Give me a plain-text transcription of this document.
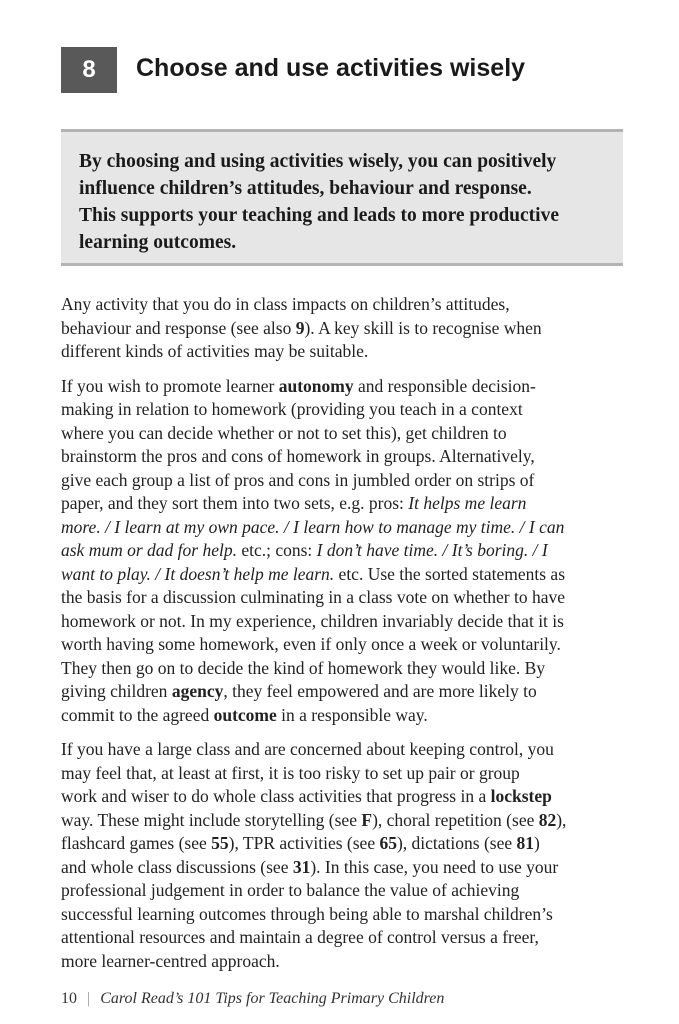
8	Choose and use activities wisely
By choosing and using activities wisely, you can positively
influence children’s attitudes, behaviour and response.
This supports your teaching and leads to more productive
learning outcomes.

Any activity that you do in class impacts on children’s attitudes,
behaviour and response (see also 9). A key skill is to recognise when
different kinds of activities may be suitable.

If you wish to promote learner autonomy and responsible decision-
making in relation to homework (providing you teach in a context
where you can decide whether or not to set this), get children to
brainstorm the pros and cons of homework in groups. Alternatively,
give each group a list of pros and cons in jumbled order on strips of
paper, and they sort them into two sets, e.g. pros: It helps me learn
more. / I learn at my own pace. / I learn how to manage my time. / I can
ask mum or dad for help. etc.; cons: I don’t have time. / It’s boring. / I
want to play. / It doesn’t help me learn. etc. Use the sorted statements as
the basis for a discussion culminating in a class vote on whether to have
homework or not. In my experience, children invariably decide that it is
worth having some homework, even if only once a week or voluntarily.
They then go on to decide the kind of homework they would like. By
giving children agency, they feel empowered and are more likely to
commit to the agreed outcome in a responsible way.

If you have a large class and are concerned about keeping control, you
may feel that, at least at first, it is too risky to set up pair or group
work and wiser to do whole class activities that progress in a lockstep
way. These might include storytelling (see F), choral repetition (see 82),
flashcard games (see 55), TPR activities (see 65), dictations (see 81)
and whole class discussions (see 31). In this case, you need to use your
professional judgement in order to balance the value of achieving
successful learning outcomes through being able to marshal children’s
attentional resources and maintain a degree of control versus a freer,
more learner-centred approach.

10 | Carol Read’s 101 Tips for Teaching Primary Children
